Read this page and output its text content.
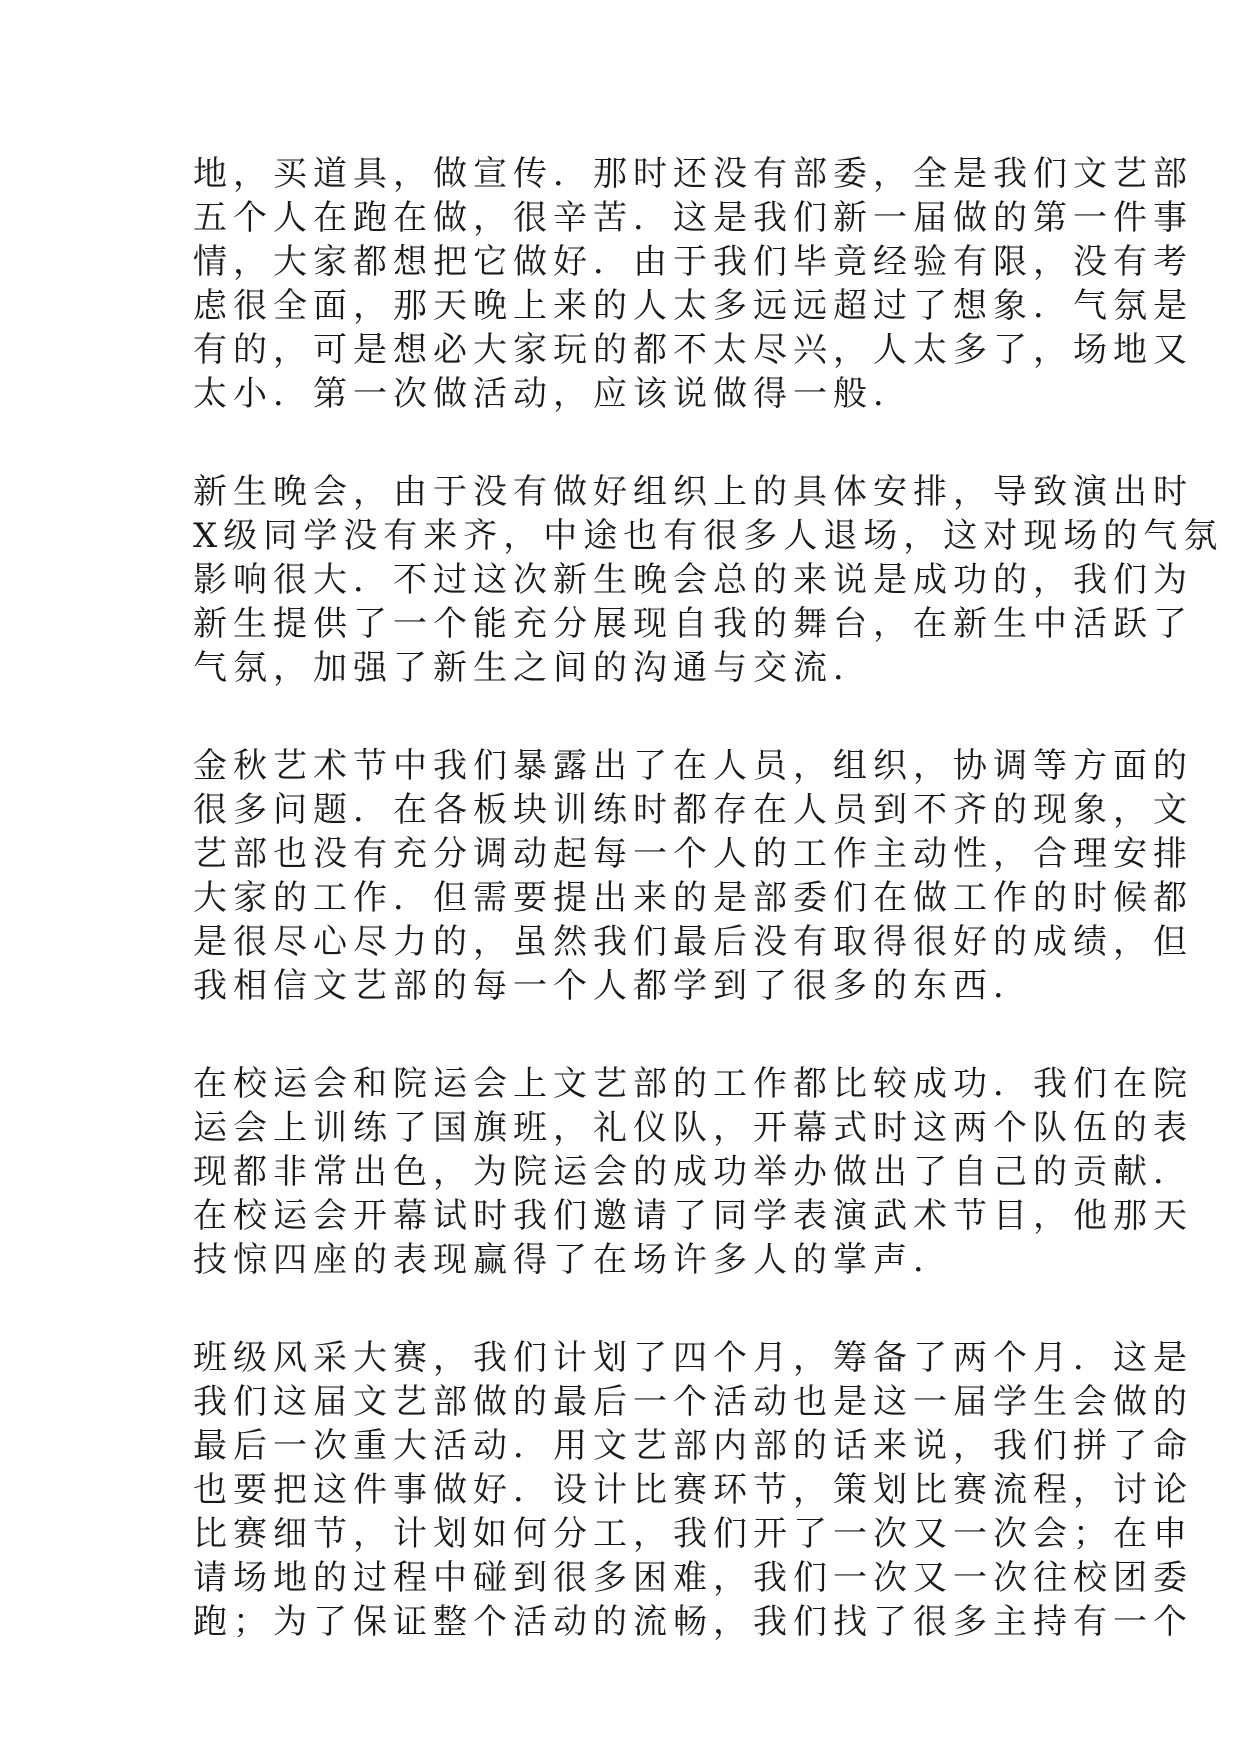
地，买道具，做宣传．那时还没有部委，全是我们文艺部
五个人在跑在做，很辛苦．这是我们新一届做的第一件事
情，大家都想把它做好．由于我们毕竟经验有限，没有考
虑很全面，那天晚上来的人太多远远超过了想象．气氛是
有的，可是想必大家玩的都不太尽兴，人太多了，场地又
太小．第一次做活动，应该说做得一般．

新生晚会，由于没有做好组织上的具体安排，导致演出时
X级同学没有来齐，中途也有很多人退场，这对现场的气氛
影响很大．不过这次新生晚会总的来说是成功的，我们为
新生提供了一个能充分展现自我的舞台，在新生中活跃了
气氛，加强了新生之间的沟通与交流．

金秋艺术节中我们暴露出了在人员，组织，协调等方面的
很多问题．在各板块训练时都存在人员到不齐的现象，文
艺部也没有充分调动起每一个人的工作主动性，合理安排
大家的工作．但需要提出来的是部委们在做工作的时候都
是很尽心尽力的，虽然我们最后没有取得很好的成绩，但
我相信文艺部的每一个人都学到了很多的东西．

在校运会和院运会上文艺部的工作都比较成功．我们在院
运会上训练了国旗班，礼仪队，开幕式时这两个队伍的表
现都非常出色，为院运会的成功举办做出了自己的贡献．
在校运会开幕试时我们邀请了同学表演武术节目，他那天
技惊四座的表现赢得了在场许多人的掌声．

班级风采大赛，我们计划了四个月，筹备了两个月．这是
我们这届文艺部做的最后一个活动也是这一届学生会做的
最后一次重大活动．用文艺部内部的话来说，我们拼了命
也要把这件事做好．设计比赛环节，策划比赛流程，讨论
比赛细节，计划如何分工，我们开了一次又一次会；在申
请场地的过程中碰到很多困难，我们一次又一次往校团委
跑；为了保证整个活动的流畅，我们找了很多主持有一个
